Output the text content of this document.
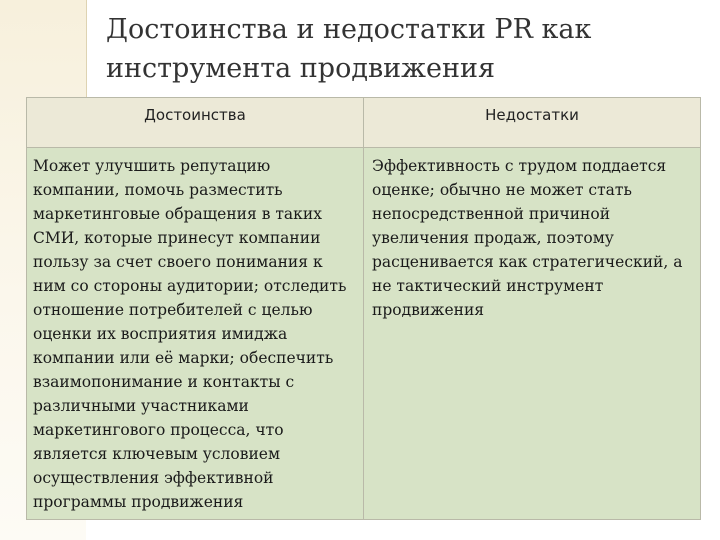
Достоинства и недостатки PR как инструмента продвижения
Достоинства	Недостатки
Может улучшить репутацию компании, помочь разместить маркетинговые обращения в таких СМИ, которые принесут компании пользу за счет своего понимания к ним со стороны аудитории; отследить отношение потребителей с целью оценки их восприятия имиджа компании или её марки; обеспечить взаимопонимание и контакты с различными участниками маркетингового процесса, что является ключевым условием осуществления эффективной программы продвижения	Эффективность с трудом поддается оценке; обычно не может стать непосредственной причиной увеличения продаж, поэтому расценивается как стратегический, а не тактический инструмент продвижения
